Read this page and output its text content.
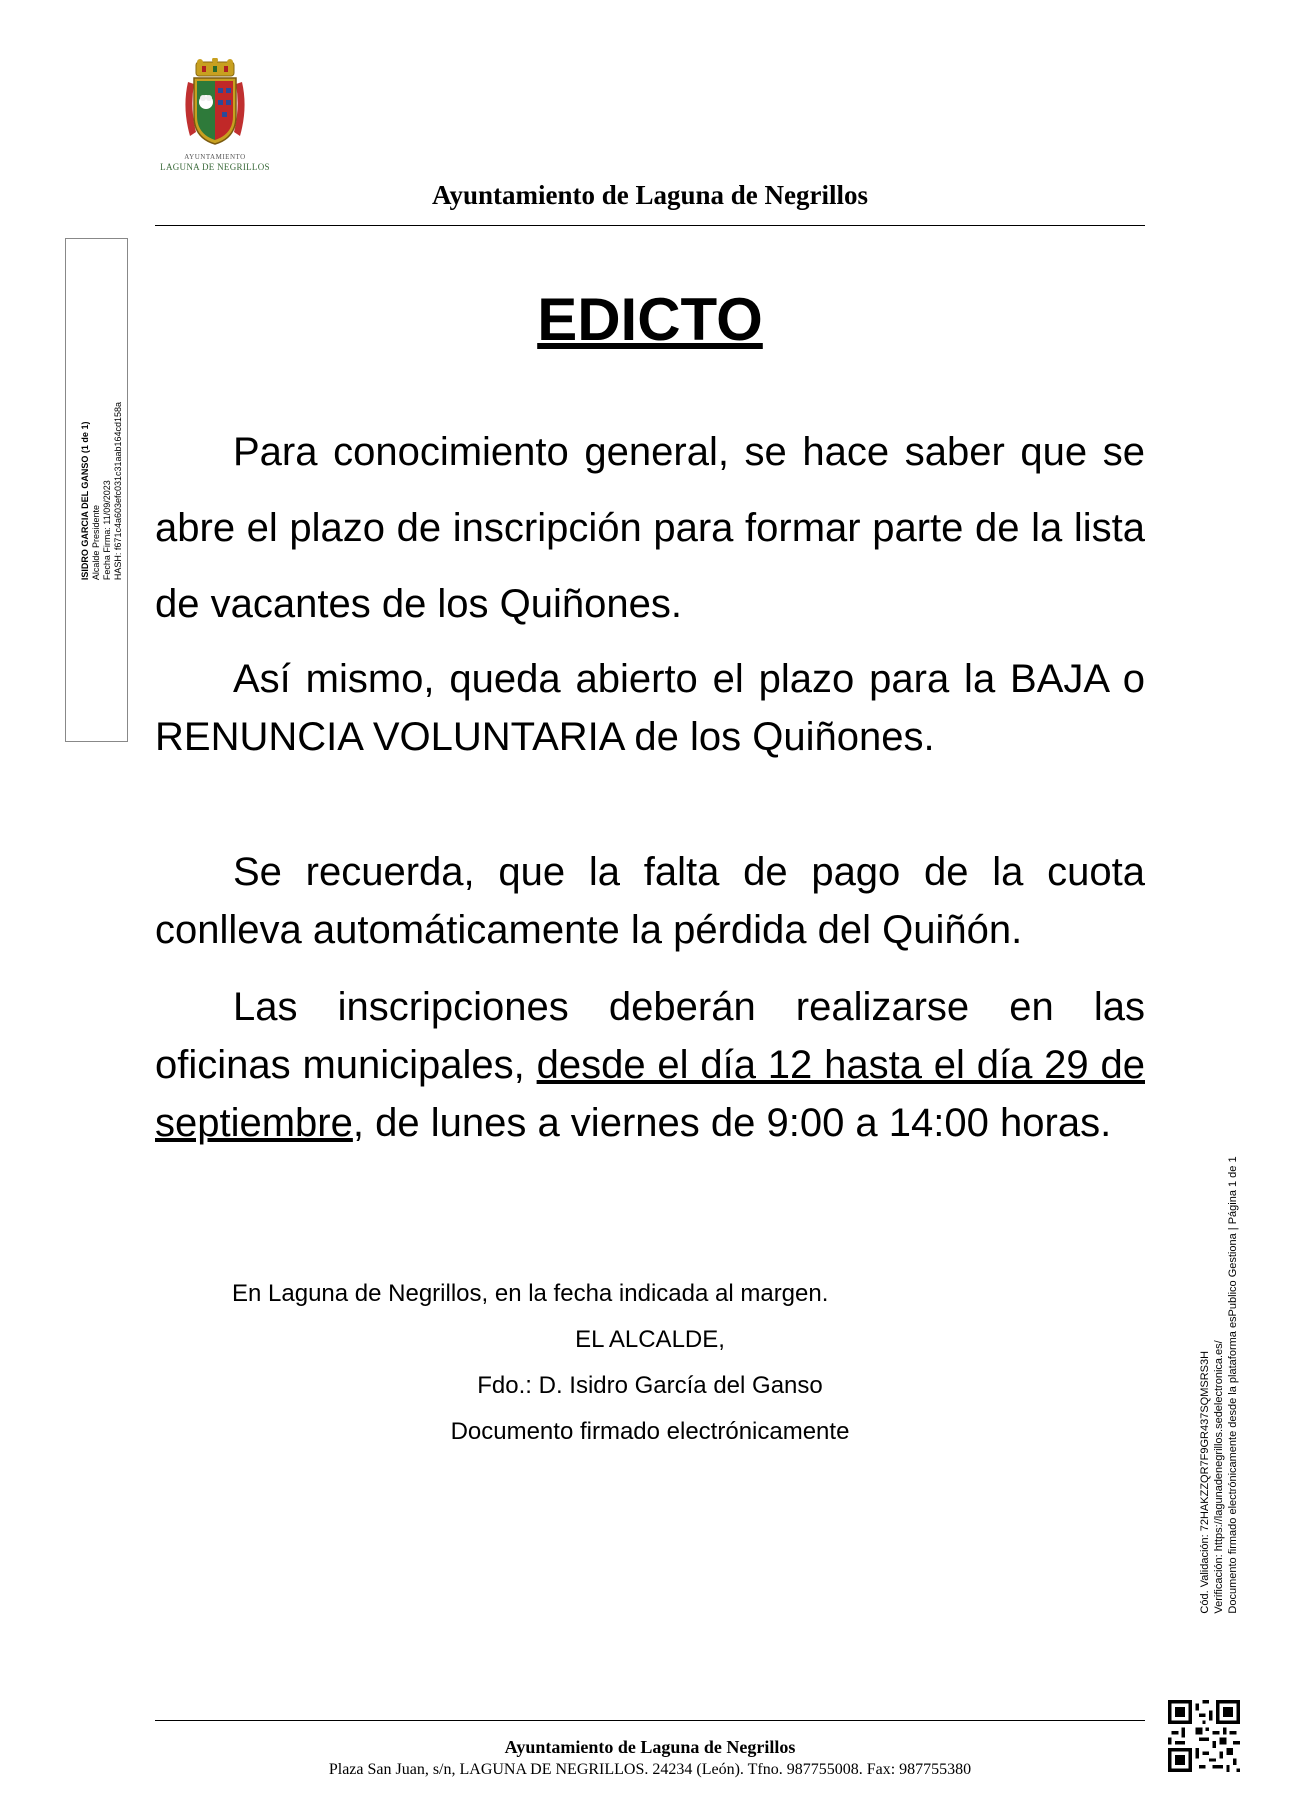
AYUNTAMIENTO
LAGUNA DE NEGRILLOS
Ayuntamiento de Laguna de Negrillos
ISIDRO GARCIA DEL GANSO (1 de 1) Alcalde Presidente Fecha Firma: 11/09/2023 HASH: f671c4a603efc031c31aab164cd158a
EDICTO
Para conocimiento general, se hace saber que se abre el plazo de inscripción para formar parte de la lista de vacantes de los Quiñones.
Así mismo, queda abierto el plazo para la BAJA o RENUNCIA VOLUNTARIA de los Quiñones.
Se recuerda, que la falta de pago de la cuota conlleva automáticamente la pérdida del Quiñón.
Las inscripciones deberán realizarse en las oficinas municipales, desde el día 12 hasta el día 29 de septiembre, de lunes a viernes de 9:00 a 14:00 horas.
En Laguna de Negrillos, en la fecha indicada al margen.
EL ALCALDE,
Fdo.: D. Isidro García del Ganso
Documento firmado electrónicamente	Cód. Validación: 72HAKZZQR7F9GR437SQMSRS3H Verificación: https://lagunadenegrillos.sedelectronica.es/ Documento firmado electrónicamente desde la plataforma esPublico Gestiona | Página 1 de 1
Ayuntamiento de Laguna de Negrillos
Plaza San Juan, s/n, LAGUNA DE NEGRILLOS. 24234 (León). Tfno. 987755008. Fax: 987755380
